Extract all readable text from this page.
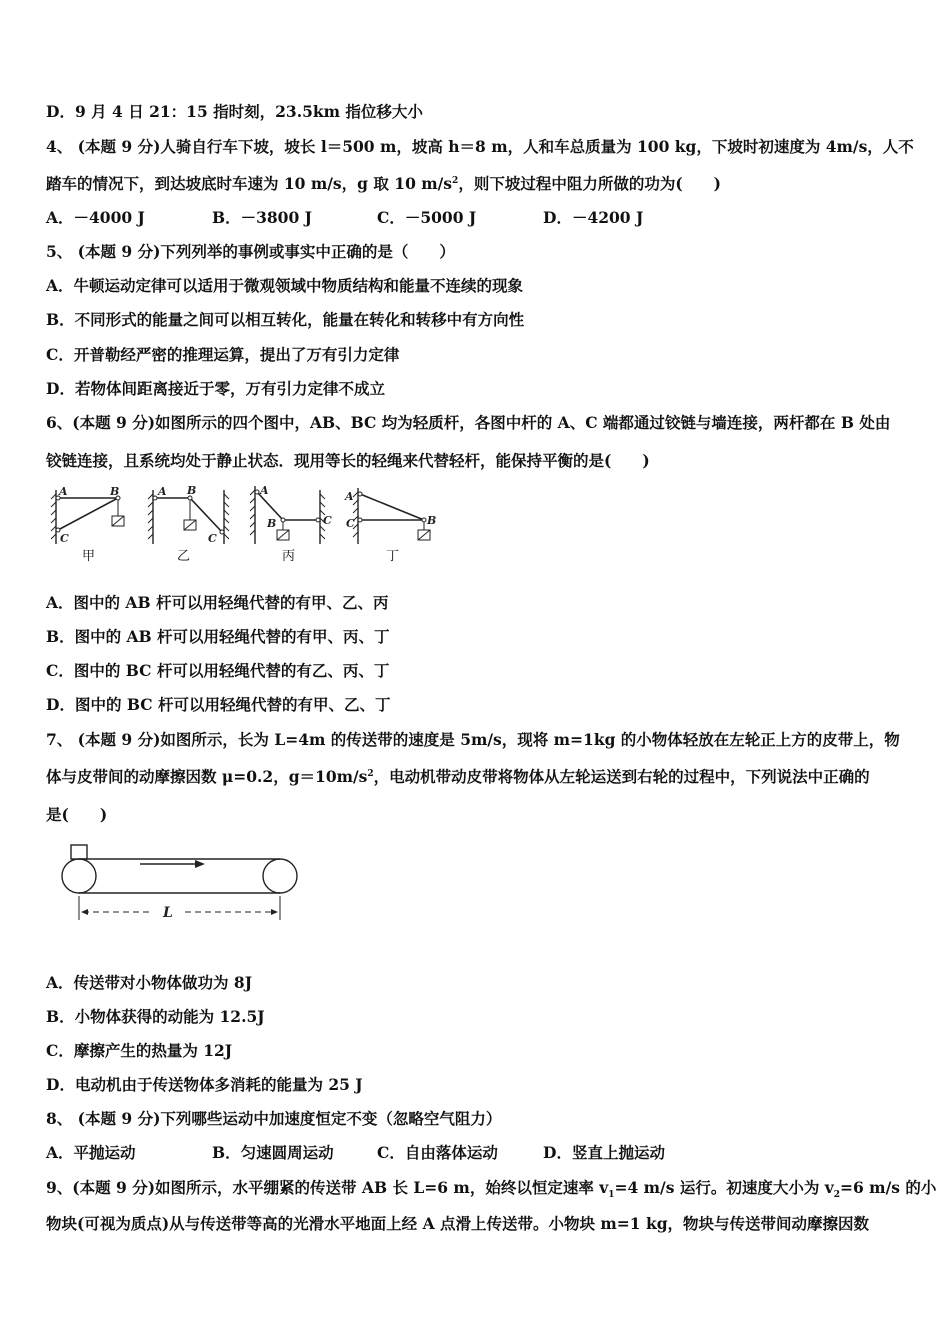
D．9 月 4 日 21：15 指时刻，23.5km 指位移大小
4、 (本题 9 分)人骑自行车下坡，坡长 l＝500 m，坡高 h＝8 m，人和车总质量为 100 kg，下坡时初速度为 4m/s，人不
踏车的情况下，到达坡底时车速为 10 m/s，g 取 10 $m/s^2$，则下坡过程中阻力所做的功为(　　)
A．－4000 J	B．－3800 J	C．－5000 J	D．－4200 J
5、 (本题 9 分)下列列举的事例或事实中正确的是（　　）
A．牛顿运动定律可以适用于微观领域中物质结构和能量不连续的现象
B．不同形式的能量之间可以相互转化，能量在转化和转移中有方向性
C．开普勒经严密的推理运算，提出了万有引力定律
D．若物体间距离接近于零，万有引力定律不成立
6、(本题 9 分)如图所示的四个图中，AB、BC 均为轻质杆，各图中杆的 A、C 端都通过铰链与墙连接，两杆都在 B 处由
铰链连接，且系统均处于静止状态．现用等长的轻绳来代替轻杆，能保持平衡的是(　　)
A	B
C
A B
C
A
B	C
A
B
C
甲	乙	丙	丁
A．图中的 AB 杆可以用轻绳代替的有甲、乙、丙
B．图中的 AB 杆可以用轻绳代替的有甲、丙、丁
C．图中的 BC 杆可以用轻绳代替的有乙、丙、丁
D．图中的 BC 杆可以用轻绳代替的有甲、乙、丁
7、 (本题 9 分)如图所示，长为 L=4m 的传送带的速度是 5m/s，现将 m=1kg 的小物体轻放在左轮正上方的皮带上，物
体与皮带间的动摩擦因数 μ=0.2，$g=10m/s^2$，电动机带动皮带将物体从左轮运送到右轮的过程中，下列说法中正确的
是(　　)
L
A．传送带对小物体做功为 8J
B．小物体获得的动能为 12.5J
C．摩擦产生的热量为 12J
D．电动机由于传送物体多消耗的能量为 25 J
8、 (本题 9 分)下列哪些运动中加速度恒定不变（忽略空气阻力）
A．平抛运动	B．匀速圆周运动	C．自由落体运动	D．竖直上抛运动
9、(本题 9 分)如图所示，水平绷紧的传送带 AB 长 L=6 m，始终以恒定速率 $v_1=4$ m/s 运行。初速度大小为 $v_2=6$ m/s 的小
物块(可视为质点)从与传送带等高的光滑水平地面上经 A 点滑上传送带。小物块 m=1 kg，物块与传送带间动摩擦因数
